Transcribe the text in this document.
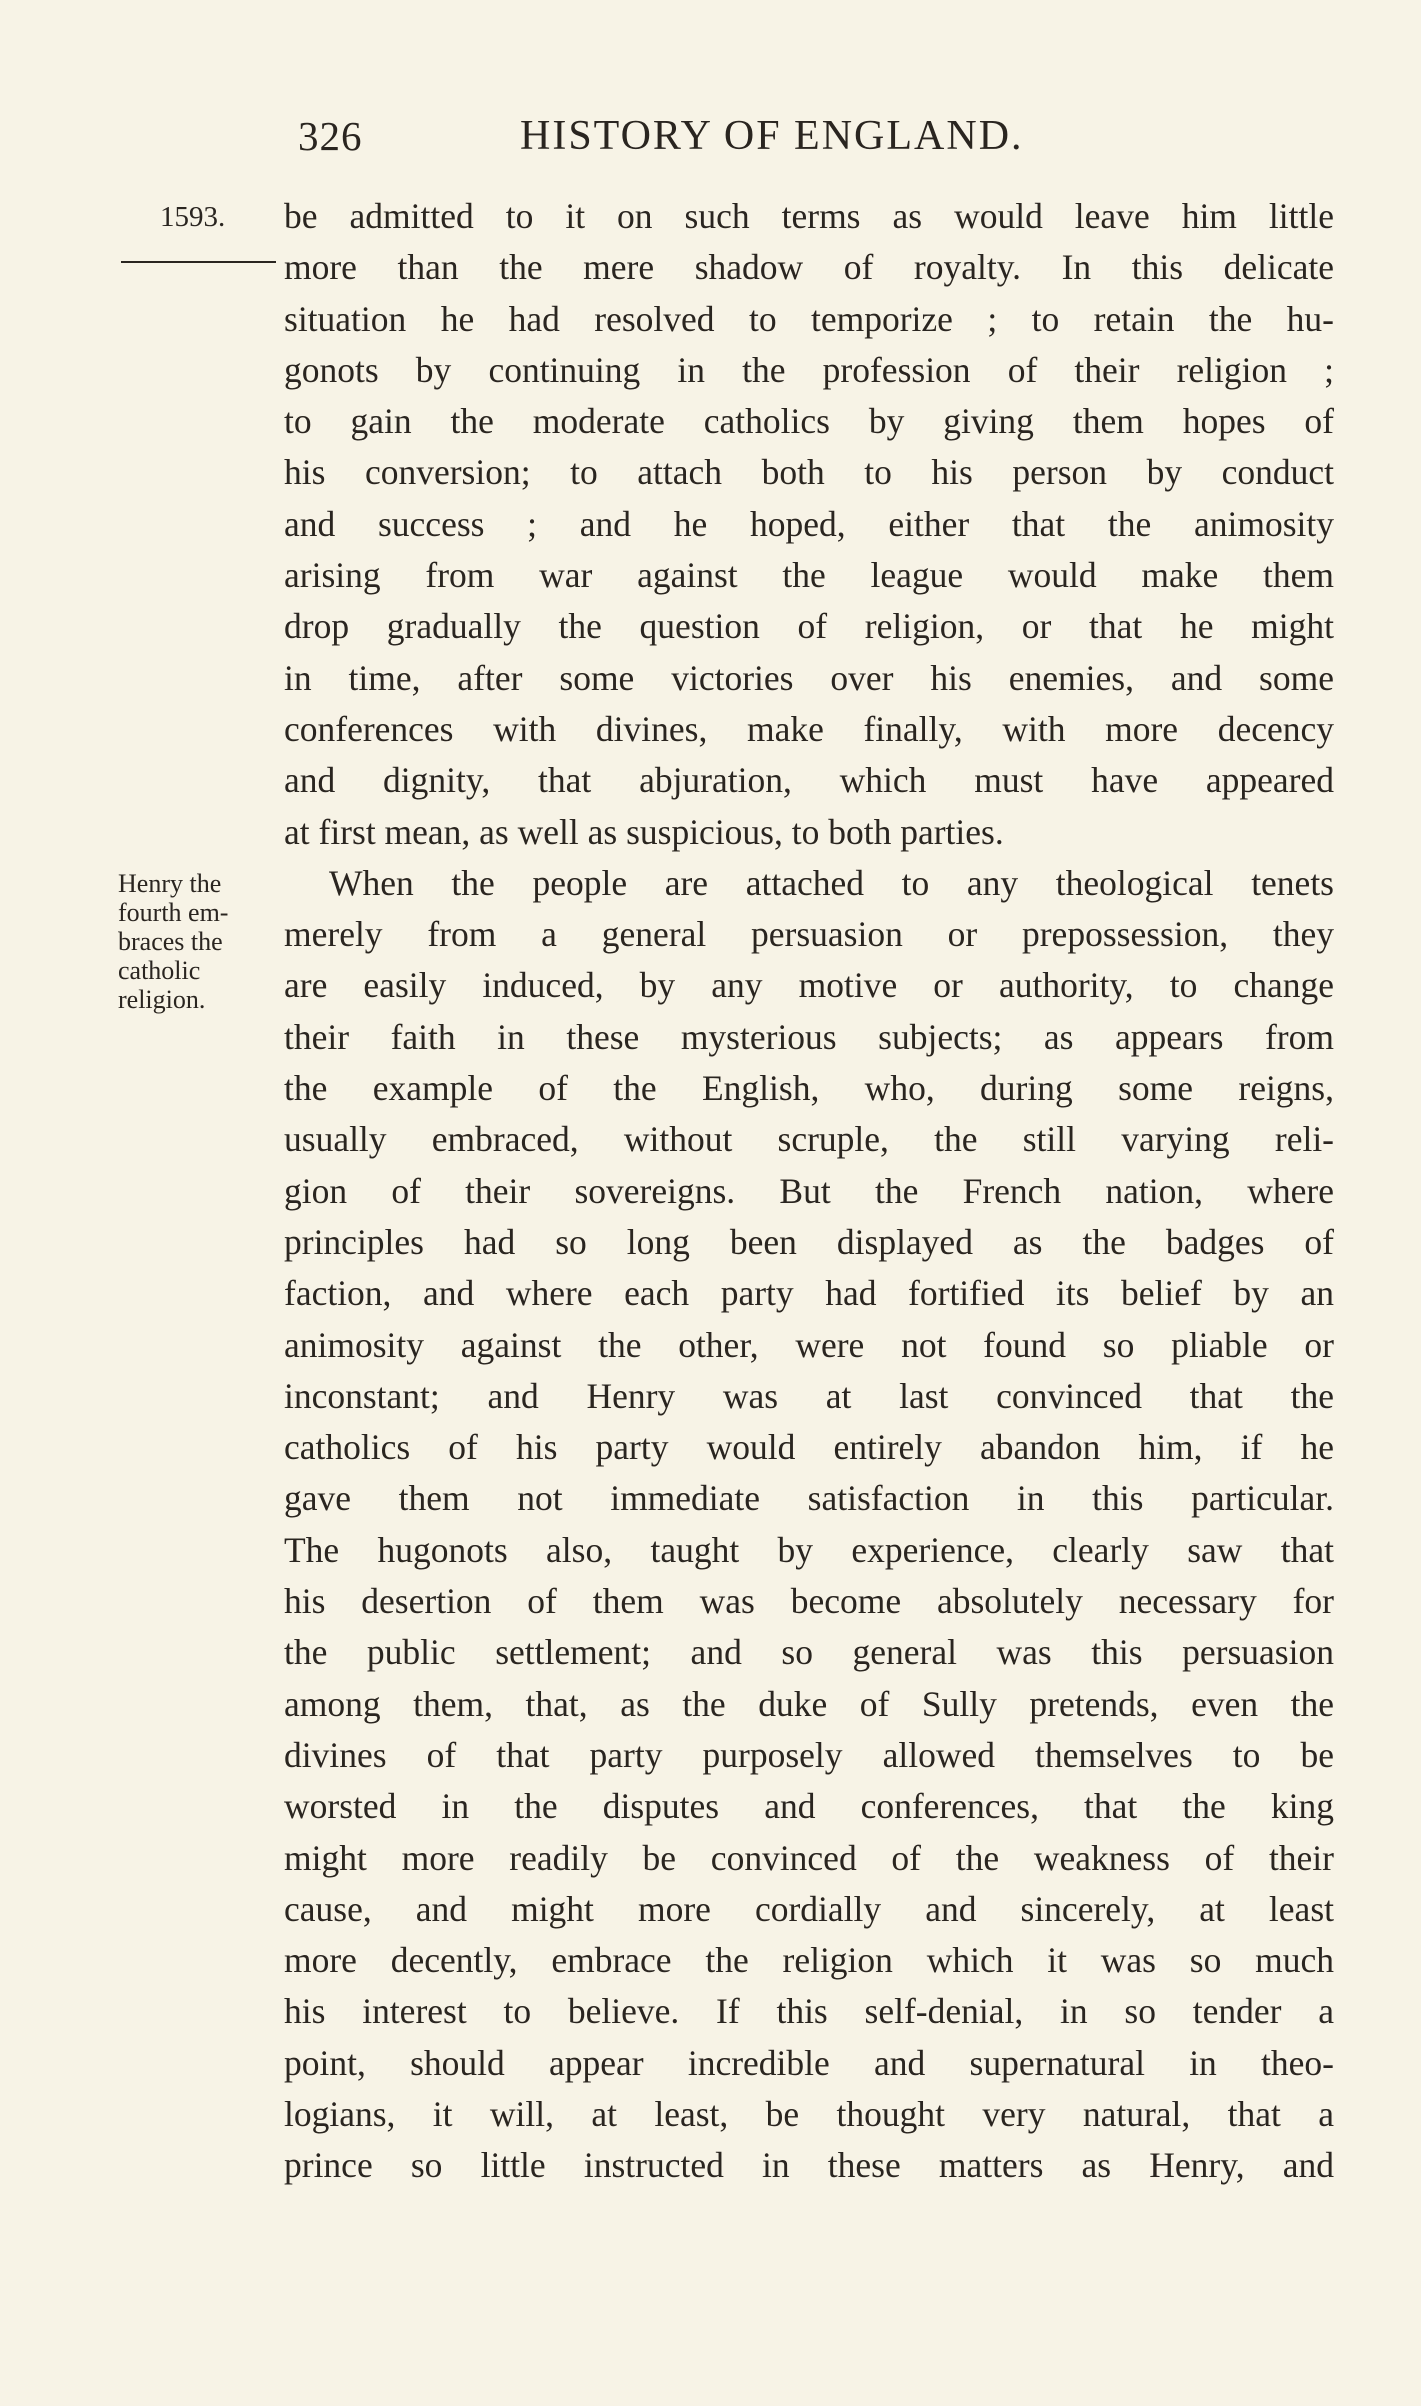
326	HISTORY OF ENGLAND.
1593.
Henry the
fourth em-
braces the
catholic
religion.
be admitted to it on such terms as would leave him little
more than the mere shadow of royalty. In this delicate
situation he had resolved to temporize ; to retain the hu-
gonots by continuing in the profession of their religion ;
to gain the moderate catholics by giving them hopes of
his conversion; to attach both to his person by conduct
and success ; and he hoped, either that the animosity
arising from war against the league would make them
drop gradually the question of religion, or that he might
in time, after some victories over his enemies, and some
conferences with divines, make finally, with more decency
and dignity, that abjuration, which must have appeared
at first mean, as well as suspicious, to both parties.
When the people are attached to any theological tenets
merely from a general persuasion or prepossession, they
are easily induced, by any motive or authority, to change
their faith in these mysterious subjects; as appears from
the example of the English, who, during some reigns,
usually embraced, without scruple, the still varying reli-
gion of their sovereigns. But the French nation, where
principles had so long been displayed as the badges of
faction, and where each party had fortified its belief by an
animosity against the other, were not found so pliable or
inconstant; and Henry was at last convinced that the
catholics of his party would entirely abandon him, if he
gave them not immediate satisfaction in this particular.
The hugonots also, taught by experience, clearly saw that
his desertion of them was become absolutely necessary for
the public settlement; and so general was this persuasion
among them, that, as the duke of Sully pretends, even the
divines of that party purposely allowed themselves to be
worsted in the disputes and conferences, that the king
might more readily be convinced of the weakness of their
cause, and might more cordially and sincerely, at least
more decently, embrace the religion which it was so much
his interest to believe. If this self-denial, in so tender a
point, should appear incredible and supernatural in theo-
logians, it will, at least, be thought very natural, that a
prince so little instructed in these matters as Henry, and
